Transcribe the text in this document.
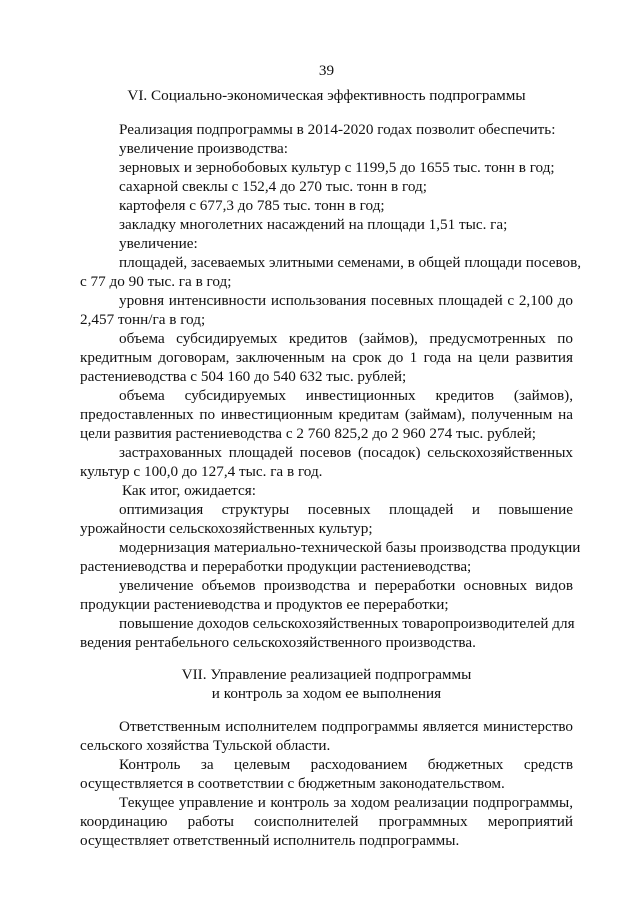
39
VI. Социально-экономическая эффективность подпрограммы
Реализация подпрограммы в 2014-2020 годах позволит обеспечить:
увеличение производства:
зерновых и зернобобовых культур с 1199,5 до 1655 тыс. тонн в год;
сахарной свеклы с 152,4 до 270 тыс. тонн в год;
картофеля с 677,3 до 785 тыс. тонн в год;
закладку многолетних насаждений на площади 1,51 тыс. га;
увеличение:
площадей, засеваемых элитными семенами, в общей площади посевов,
с 77 до 90 тыс. га в год;
уровня интенсивности использования посевных площадей с 2,100 до
2,457 тонн/га в год;
объема субсидируемых кредитов (займов), предусмотренных по
кредитным договорам, заключенным на срок до 1 года на цели развития
растениеводства с 504 160 до 540 632 тыс. рублей;
объема субсидируемых инвестиционных кредитов (займов),
предоставленных по инвестиционным кредитам (займам), полученным на
цели развития растениеводства с 2 760 825,2 до 2 960 274 тыс. рублей;
застрахованных площадей посевов (посадок) сельскохозяйственных
культур с 100,0 до 127,4 тыс. га в год.
Как итог, ожидается:
оптимизация структуры посевных площадей и повышение
урожайности сельскохозяйственных культур;
модернизация материально-технической базы производства продукции
растениеводства и переработки продукции растениеводства;
увеличение объемов производства и переработки основных видов
продукции растениеводства и продуктов ее переработки;
повышение доходов сельскохозяйственных товаропроизводителей для
ведения рентабельного сельскохозяйственного производства.
VII. Управление реализацией подпрограммы
и контроль за ходом ее выполнения
Ответственным исполнителем подпрограммы является министерство
сельского хозяйства Тульской области.
Контроль за целевым расходованием бюджетных средств
осуществляется в соответствии с бюджетным законодательством.
Текущее управление и контроль за ходом реализации подпрограммы,
координацию работы соисполнителей программных мероприятий
осуществляет ответственный исполнитель подпрограммы.
